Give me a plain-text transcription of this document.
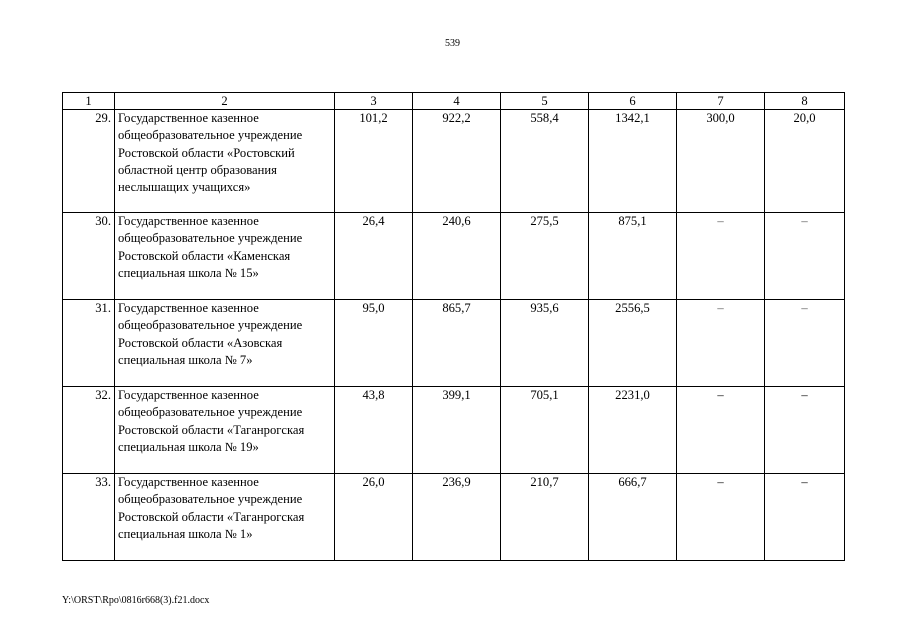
539
1	2	3	4	5	6	7	8
29.	Государственное казенное общеобразовательное учреждение Ростовской области «Ростовский областной центр образования неслышащих учащихся»	101,2	922,2	558,4	1342,1	300,0	20,0
30.	Государственное казенное общеобразовательное учреждение Ростовской области «Каменская специальная школа № 15»	26,4	240,6	275,5	875,1	–	–
31.	Государственное казенное общеобразовательное учреждение Ростовской области «Азовская специальная школа № 7»	95,0	865,7	935,6	2556,5	–	–
32.	Государственное казенное общеобразовательное учреждение Ростовской области «Таганрогская специальная школа № 19»	43,8	399,1	705,1	2231,0	–	–
33.	Государственное казенное общеобразовательное учреждение Ростовской области «Таганрогская специальная школа № 1»	26,0	236,9	210,7	666,7	–	–
Y:\ORST\Rpo\0816r668(3).f21.docx
